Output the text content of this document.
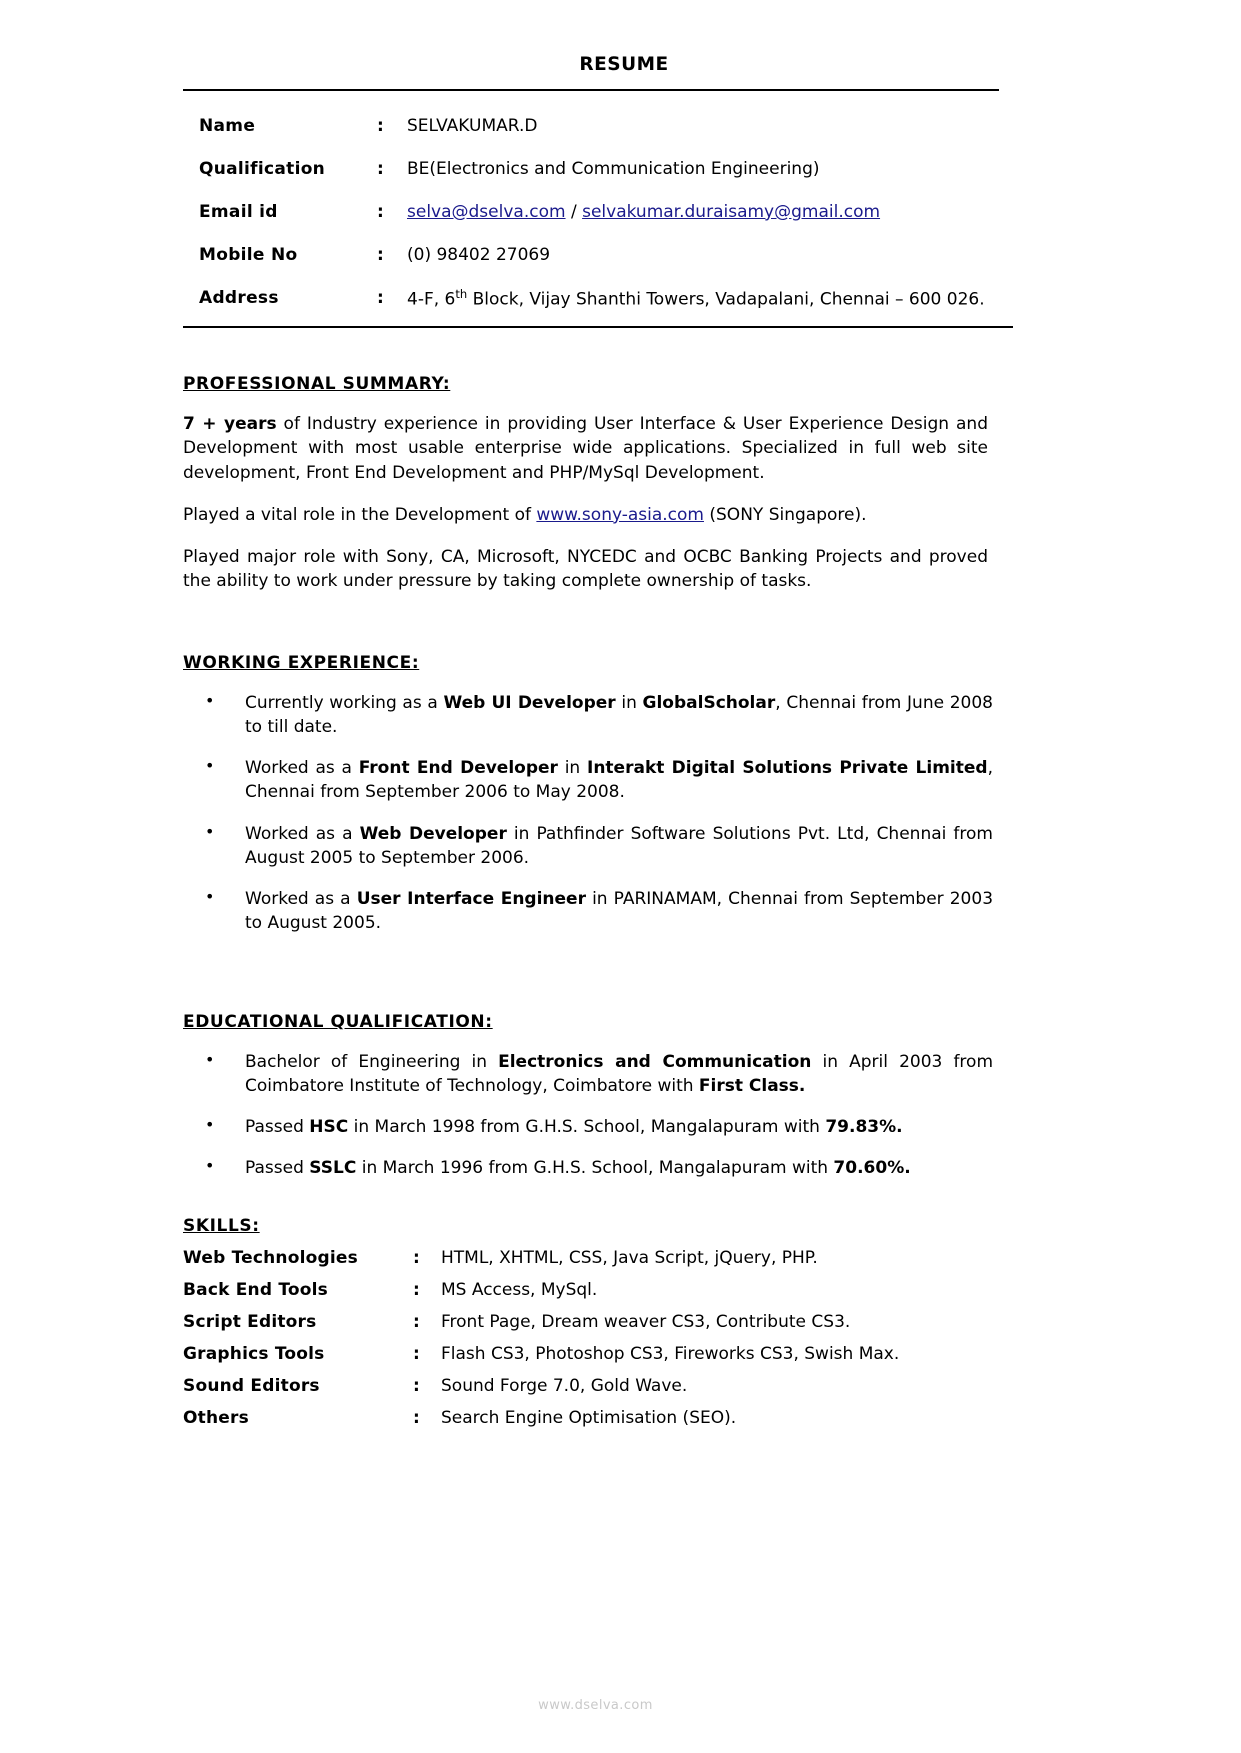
RESUME
Name	:	SELVAKUMAR.D
Qualification	:	BE(Electronics and Communication Engineering)
Email id	:	selva@dselva.com / selvakumar.duraisamy@gmail.com
Mobile No	:	(0) 98402 27069
Address	:	4-F, 6th Block, Vijay Shanthi Towers, Vadapalani, Chennai – 600 026.
PROFESSIONAL SUMMARY:
7 + years of Industry experience in providing User Interface & User Experience Design and Development with most usable enterprise wide applications. Specialized in full web site development, Front End Development and PHP/MySql Development.
Played a vital role in the Development of www.sony-asia.com (SONY Singapore).
Played major role with Sony, CA, Microsoft, NYCEDC and OCBC Banking Projects and proved the ability to work under pressure by taking complete ownership of tasks.
WORKING EXPERIENCE:
• Currently working as a Web UI Developer in GlobalScholar, Chennai from June 2008 to till date.
• Worked as a Front End Developer in Interakt Digital Solutions Private Limited, Chennai from September 2006 to May 2008.
• Worked as a Web Developer in Pathfinder Software Solutions Pvt. Ltd, Chennai from August 2005 to September 2006.
• Worked as a User Interface Engineer in PARINAMAM, Chennai from September 2003 to August 2005.
EDUCATIONAL QUALIFICATION:
• Bachelor of Engineering in Electronics and Communication in April 2003 from Coimbatore Institute of Technology, Coimbatore with First Class.
• Passed HSC in March 1998 from G.H.S. School, Mangalapuram with 79.83%.
• Passed SSLC in March 1996 from G.H.S. School, Mangalapuram with 70.60%.
SKILLS:
Web Technologies	:	HTML, XHTML, CSS, Java Script, jQuery, PHP.
Back End Tools	:	MS Access, MySql.
Script Editors	:	Front Page, Dream weaver CS3, Contribute CS3.
Graphics Tools	:	Flash CS3, Photoshop CS3, Fireworks CS3, Swish Max.
Sound Editors	:	Sound Forge 7.0, Gold Wave.
Others	:	Search Engine Optimisation (SEO).
www.dselva.com
